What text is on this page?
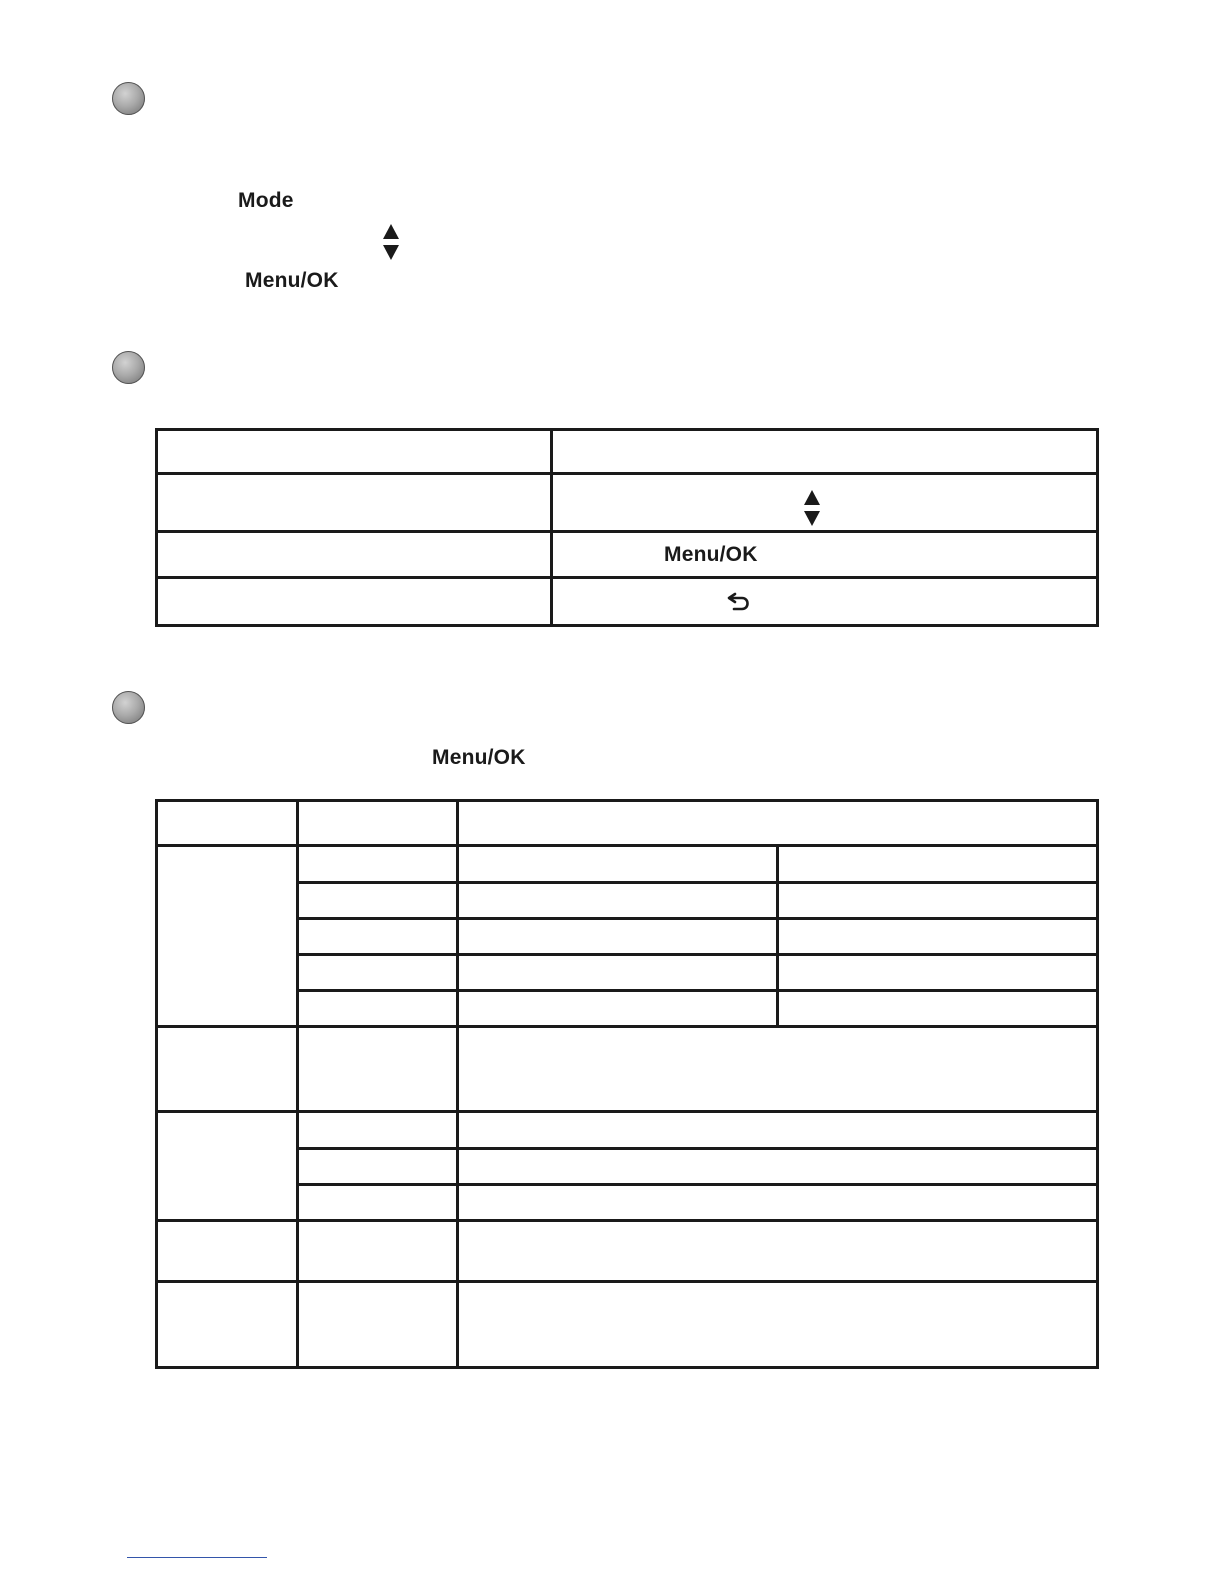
Mode
Menu/OK
Menu/OK
Menu/OK
